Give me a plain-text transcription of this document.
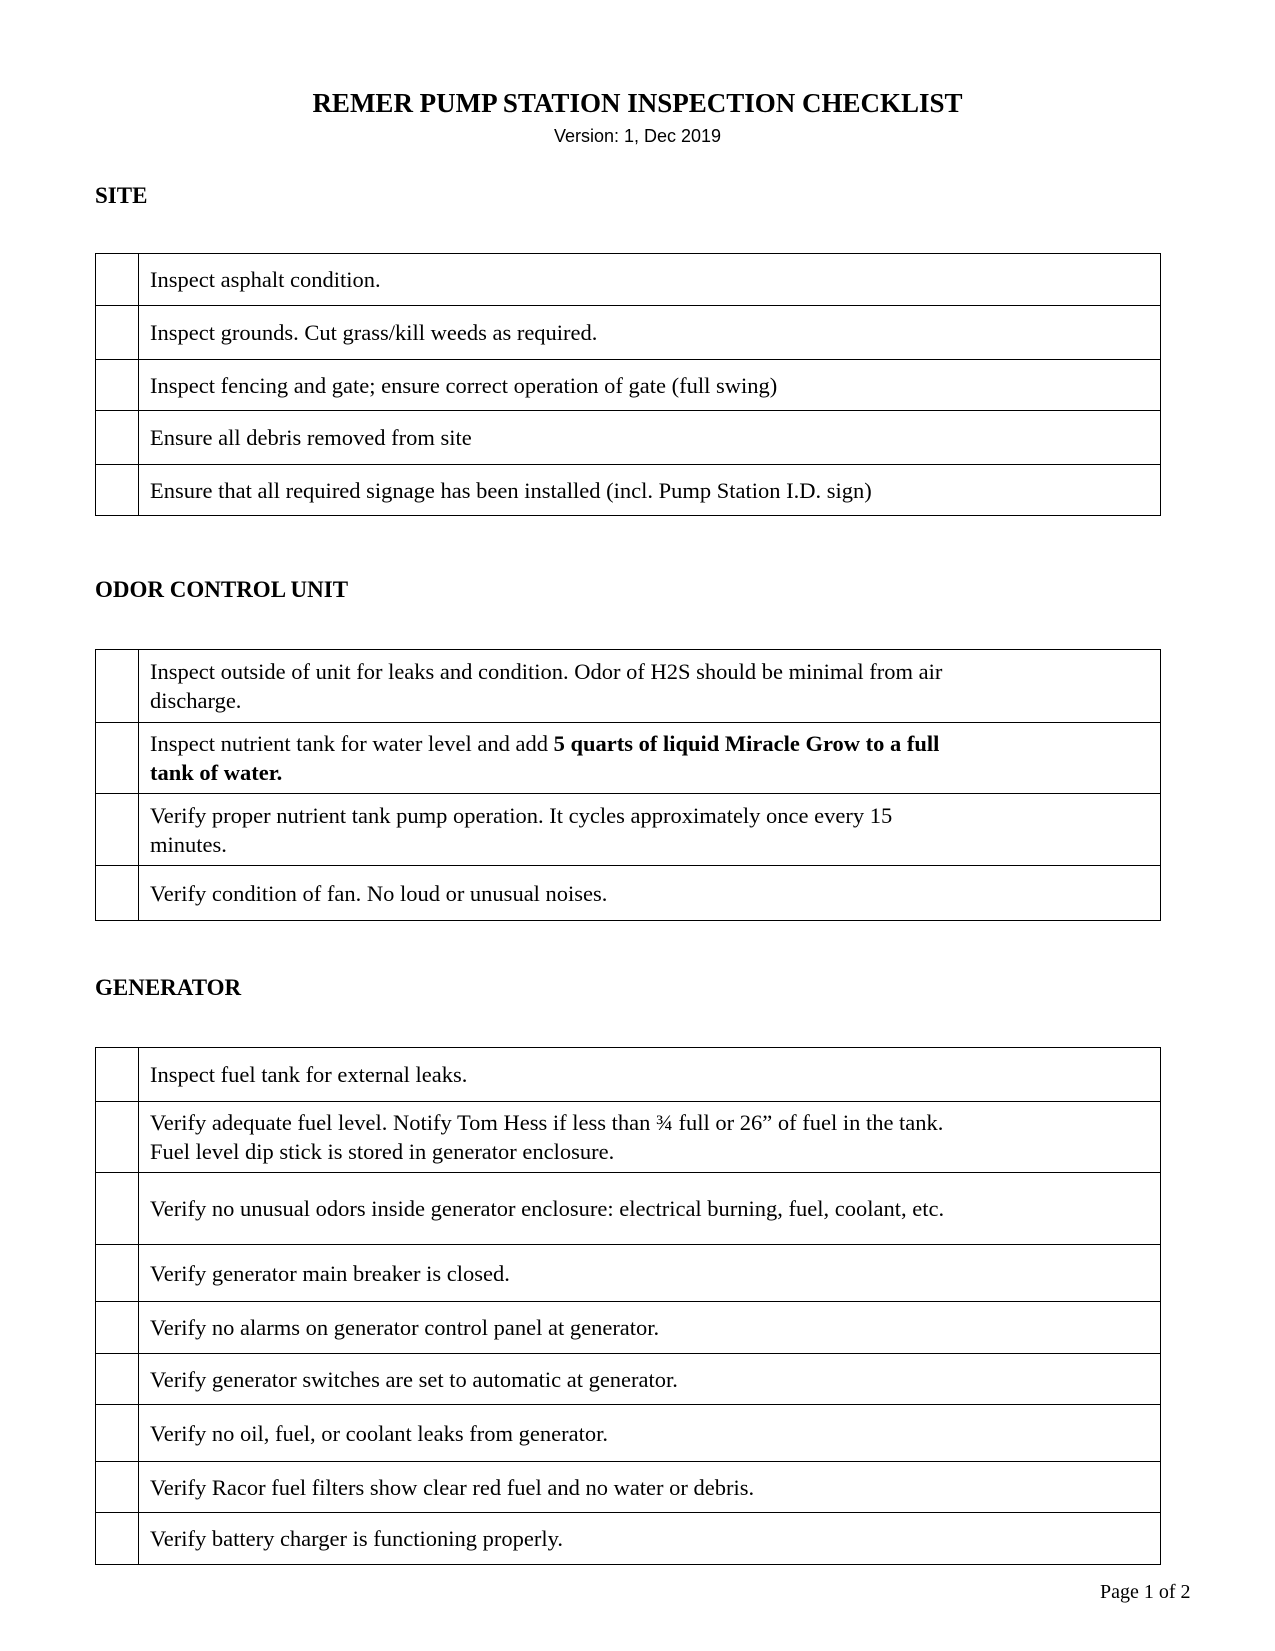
REMER PUMP STATION INSPECTION CHECKLIST
Version: 1, Dec 2019
SITE
Inspect asphalt condition.
Inspect grounds. Cut grass/kill weeds as required.
Inspect fencing and gate; ensure correct operation of gate (full swing)
Ensure all debris removed from site
Ensure that all required signage has been installed (incl. Pump Station I.D. sign)
ODOR CONTROL UNIT
Inspect outside of unit for leaks and condition. Odor of H2S should be minimal from air discharge.
Inspect nutrient tank for water level and add 5 quarts of liquid Miracle Grow to a full tank of water.
Verify proper nutrient tank pump operation. It cycles approximately once every 15 minutes.
Verify condition of fan. No loud or unusual noises.
GENERATOR
Inspect fuel tank for external leaks.
Verify adequate fuel level. Notify Tom Hess if less than ¾ full or 26” of fuel in the tank. Fuel level dip stick is stored in generator enclosure.
Verify no unusual odors inside generator enclosure: electrical burning, fuel, coolant, etc.
Verify generator main breaker is closed.
Verify no alarms on generator control panel at generator.
Verify generator switches are set to automatic at generator.
Verify no oil, fuel, or coolant leaks from generator.
Verify Racor fuel filters show clear red fuel and no water or debris.
Verify battery charger is functioning properly.
Page 1 of 2
